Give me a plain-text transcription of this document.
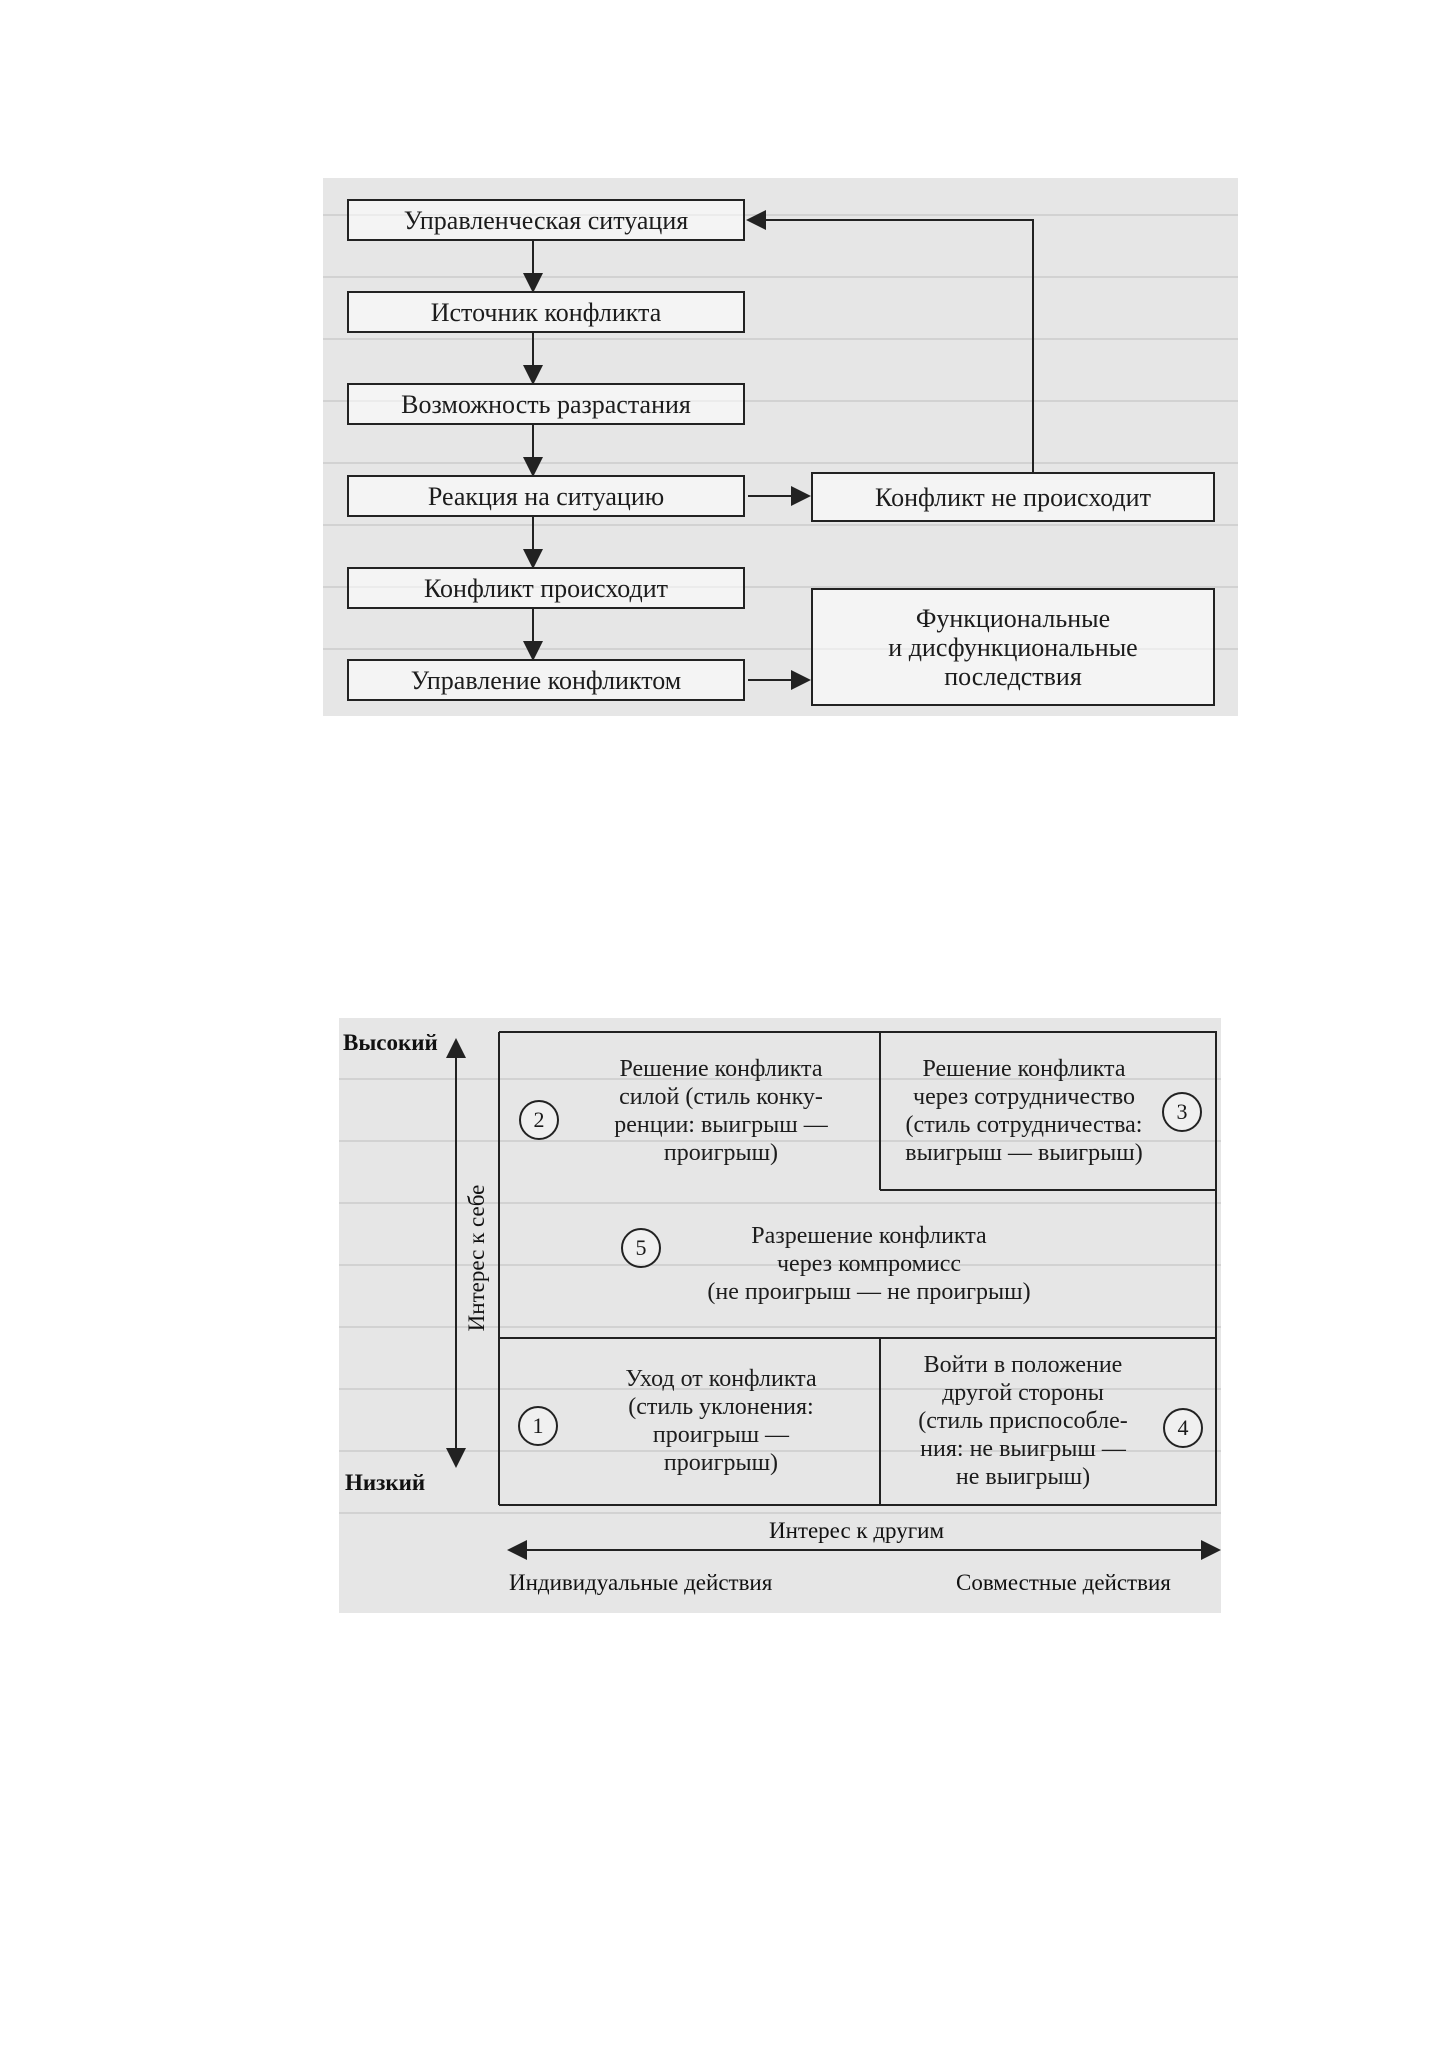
Управленческая ситуация
Источник конфликта
Возможность разрастания
Реакция на ситуацию
Конфликт происходит
Управление конфликтом
Конфликт не происходит
Функциональные
и дисфункциональные
последствия
Высокий
Низкий
Интерес к себе
Интерес к другим
Индивидуальные действия	Совместные действия
2
Решение конфликта
силой (стиль конку-
ренции: выигрыш —
проигрыш)
3
Решение конфликта
через сотрудничество
(стиль сотрудничества:
выигрыш — выигрыш)
5	Разрешение конфликта
через компромисс
(не проигрыш — не проигрыш)
1
Уход от конфликта
(стиль уклонения:
проигрыш —
проигрыш)
4
Войти в положение
другой стороны
(стиль приспособле-
ния: не выигрыш —
не выигрыш)
